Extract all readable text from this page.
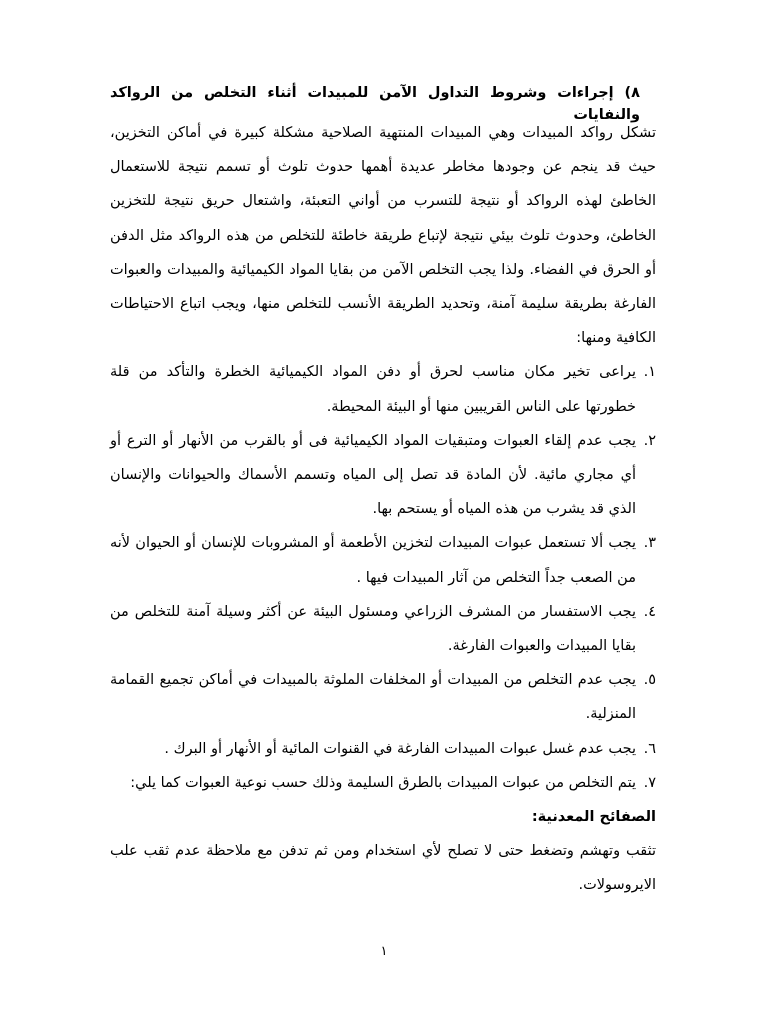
٨) إجراءات وشروط التداول الآمن للمبيدات أثناء التخلص من الرواكد والنفايات

تشكل رواكد المبيدات وهي المبيدات المنتهية الصلاحية مشكلة كبيرة في أماكن التخزين، حيث قد ينجم عن وجودها مخاطر عديدة أهمها حدوث تلوث أو تسمم نتيجة للاستعمال الخاطئ لهذه الرواكد أو نتيجة للتسرب من أواني التعبئة، واشتعال حريق نتيجة للتخزين الخاطئ، وحدوث تلوث بيئي نتيجة لإتباع طريقة خاطئة للتخلص من هذه الرواكد مثل الدفن أو الحرق في الفضاء. ولذا يجب التخلص الآمن من بقايا المواد الكيميائية والمبيدات والعبوات الفارغة بطريقة سليمة آمنة، وتحديد الطريقة الأنسب للتخلص منها، ويجب اتباع الاحتياطات الكافية ومنها:

١.
يراعى تخير مكان مناسب لحرق أو دفن المواد الكيميائية الخطرة والتأكد من قلة خطورتها على الناس القريبين منها أو البيئة المحيطة.
٢.
يجب عدم إلقاء العبوات ومتبقيات المواد الكيميائية فى أو بالقرب من الأنهار أو الترع أو أي مجاري مائية. لأن المادة قد تصل إلى المياه وتسمم الأسماك والحيوانات والإنسان الذي قد يشرب من هذه المياه أو يستحم بها.
٣.
يجب ألا تستعمل عبوات المبيدات لتخزين الأطعمة أو المشروبات للإنسان أو الحيوان لأنه من الصعب جداً التخلص من آثار المبيدات فيها .
٤.
يجب الاستفسار من المشرف الزراعي ومسئول البيئة عن أكثر وسيلة آمنة للتخلص من بقايا المبيدات والعبوات الفارغة.
٥.
يجب عدم التخلص من المبيدات أو المخلفات الملوثة بالمبيدات في أماكن تجميع القمامة المنزلية.
٦.
يجب عدم غسل عبوات المبيدات الفارغة في القنوات المائية أو الأنهار أو البرك .
٧.
يتم التخلص من عبوات المبيدات بالطرق السليمة وذلك حسب نوعية العبوات كما يلي:
الصفائح المعدنية:

تثقب وتهشم وتضغط حتى لا تصلح لأي استخدام ومن ثم تدفن مع ملاحظة عدم ثقب علب الايروسولات.

١
